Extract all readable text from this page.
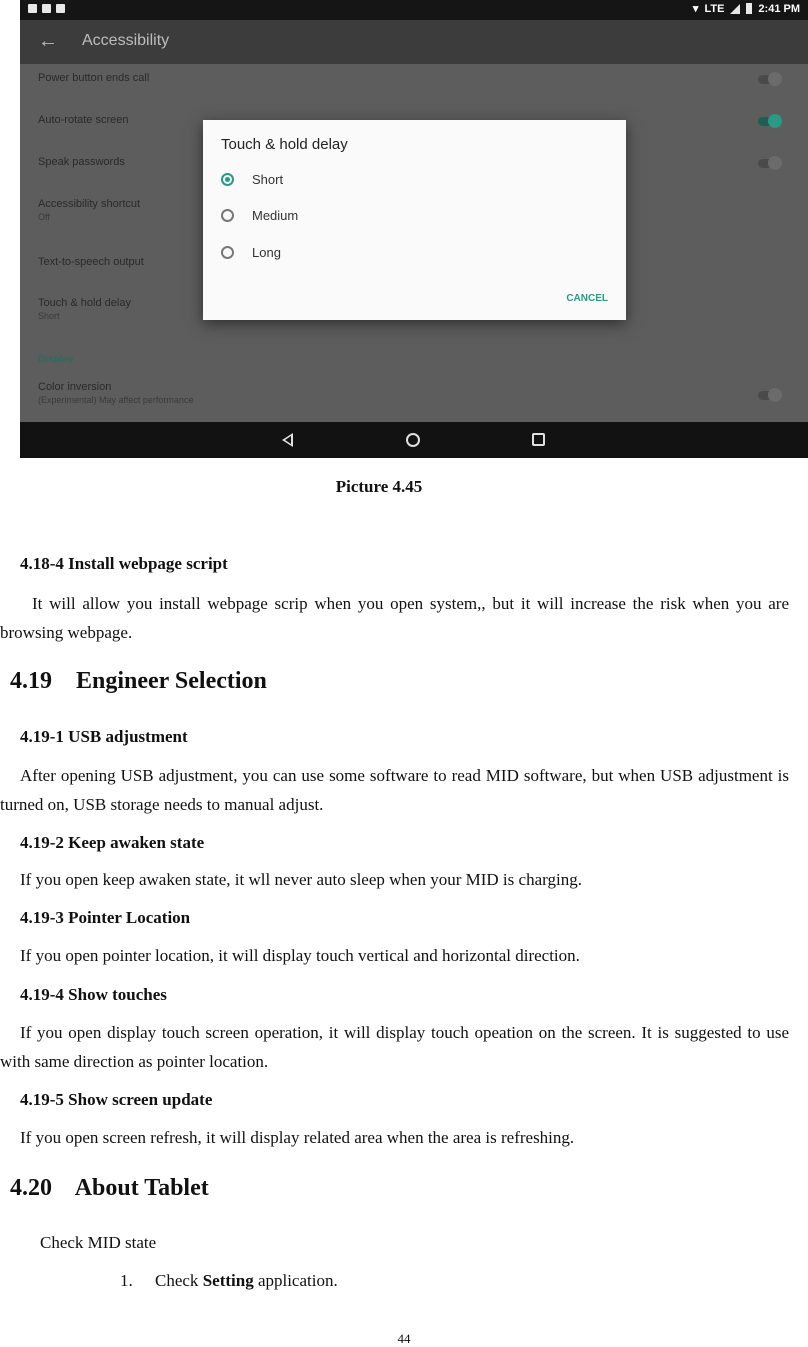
▾ LTE	2:41 PM
← Accessibility
Power button ends call
Auto-rotate screen
Speak passwords
Accessibility shortcut
Off
Text-to-speech output
Touch & hold delay
Short
Display
Color inversion
(Experimental) May affect performance
Touch & hold delay
Short
Medium
Long
CANCEL
Picture 4.45
4.18-4 Install webpage script
It will allow you install webpage scrip when you open system,, but it will increase the risk when you are browsing webpage.
4.19 Engineer Selection
4.19-1 USB adjustment
After opening USB adjustment, you can use some software to read MID software, but when USB adjustment is turned on, USB storage needs to manual adjust.
4.19-2 Keep awaken state
If you open keep awaken state, it wll never auto sleep when your MID is charging.
4.19-3 Pointer Location
If you open pointer location, it will display touch vertical and horizontal direction.
4.19-4 Show touches
If you open display touch screen operation, it will display touch opeation on the screen. It is suggested to use with same direction as pointer location.
4.19-5 Show screen update
If you open screen refresh, it will display related area when the area is refreshing.
4.20 About Tablet
Check MID state
1. Check Setting application.
44
